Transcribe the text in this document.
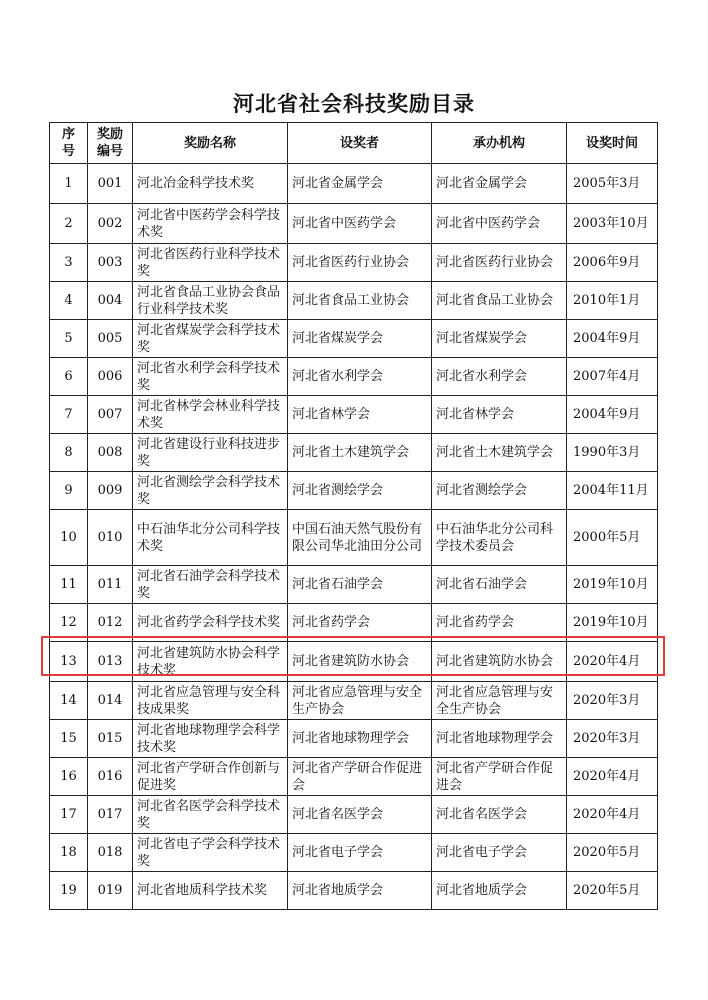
河北省社会科技奖励目录
序号	奖励编号	奖励名称	设奖者	承办机构	设奖时间
1	001	河北冶金科学技术奖	河北省金属学会	河北省金属学会	2005年3月
2	002	河北省中医药学会科学技术奖	河北省中医药学会	河北省中医药学会	2003年10月
3	003	河北省医药行业科学技术奖	河北省医药行业协会	河北省医药行业协会	2006年9月
4	004	河北省食品工业协会食品行业科学技术奖	河北省食品工业协会	河北省食品工业协会	2010年1月
5	005	河北省煤炭学会科学技术奖	河北省煤炭学会	河北省煤炭学会	2004年9月
6	006	河北省水利学会科学技术奖	河北省水利学会	河北省水利学会	2007年4月
7	007	河北省林学会林业科学技术奖	河北省林学会	河北省林学会	2004年9月
8	008	河北省建设行业科技进步奖	河北省土木建筑学会	河北省土木建筑学会	1990年3月
9	009	河北省测绘学会科学技术奖	河北省测绘学会	河北省测绘学会	2004年11月
10	010	中石油华北分公司科学技术奖	中国石油天然气股份有限公司华北油田分公司	中石油华北分公司科学技术委员会	2000年5月
11	011	河北省石油学会科学技术奖	河北省石油学会	河北省石油学会	2019年10月
12	012	河北省药学会科学技术奖	河北省药学会	河北省药学会	2019年10月
13	013	河北省建筑防水协会科学技术奖	河北省建筑防水协会	河北省建筑防水协会	2020年4月
14	014	河北省应急管理与安全科技成果奖	河北省应急管理与安全生产协会	河北省应急管理与安全生产协会	2020年3月
15	015	河北省地球物理学会科学技术奖	河北省地球物理学会	河北省地球物理学会	2020年3月
16	016	河北省产学研合作创新与促进奖	河北省产学研合作促进会	河北省产学研合作促进会	2020年4月
17	017	河北省名医学会科学技术奖	河北省名医学会	河北省名医学会	2020年4月
18	018	河北省电子学会科学技术奖	河北省电子学会	河北省电子学会	2020年5月
19	019	河北省地质科学技术奖	河北省地质学会	河北省地质学会	2020年5月
